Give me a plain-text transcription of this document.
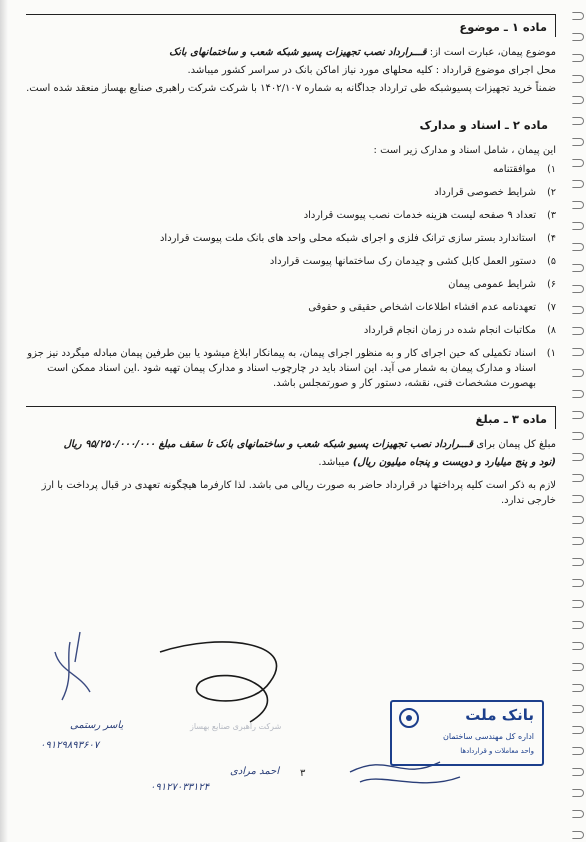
ماده ۱ ـ موضوع

موضوع پیمان، عبارت است از: قـــرارداد نصب تجهیزات پسیو شبکه شعب و ساختمانهای بانک

محل اجرای موضوع قرارداد : کلیه محلهای مورد نیاز اماکن بانک در سراسر کشور میباشد.

ضمناً خرید تجهیزات پسیوشبکه طی ترارداد جداگانه به شماره ۱۴۰۲/۱۰۷ با شرکت شرکت راهبری صنایع بهساز منعقد شده است.

ماده ۲ ـ اسناد و مدارک

این پیمان ، شامل اسناد و مدارک زیر است :

۱)
موافقتنامه
۲)
شرایط خصوصی قرارداد
۳)
تعداد ۹ صفحه لیست هزینه خدمات نصب پیوست قرارداد
۴)
استاندارد بستر سازی ترانک فلزی و اجرای شبکه محلی واحد های بانک ملت پیوست قرارداد
۵)
دستور العمل کابل کشی و چیدمان رک ساختمانها پیوست قرارداد
۶)
شرایط عمومی پیمان
۷)
تعهدنامه عدم افشاء اطلاعات اشخاص حقیقی و حقوقی
۸)
مکاتبات انجام شده در زمان انجام قرارداد

۱)
اسناد تکمیلی که حین اجرای کار و به منظور اجرای پیمان، به پیمانکار ابلاغ میشود یا بین طرفین پیمان مبادله میگردد نیز جزو اسناد و مدارک پیمان به شمار می آید. این اسناد باید در چارچوب اسناد و مدارک پیمان تهیه شود .این اسناد ممکن است بهصورت مشخصات فنی، نقشه، دستور کار و صورتمجلس باشد.

ماده ۳ ـ مبلغ

مبلغ کل پیمان برای قـــرارداد نصب تجهیزات پسیو شبکه شعب و ساختمانهای بانک تا سقف مبلغ ۹۵/۲۵۰/۰۰۰/۰۰۰ ریال

(نود و پنج میلیارد و دویست و پنجاه میلیون ریال) میباشد.

لازم به ذکر است کلیه پرداختها در قرارداد حاضر به صورت ریالی می باشد. لذا کارفرما هیچگونه تعهدی در قبال پرداخت با ارز خارجی ندارد.

یاسر رستمی
۰۹۱۲۹۸۹۳۶۰۷
شرکت راهبری صنایع بهساز
احمد مرادی
۰۹۱۲۷۰۳۳۱۲۴
۳
بانک ملت
اداره کل مهندسی ساختمان
واحد معاملات و قراردادها
